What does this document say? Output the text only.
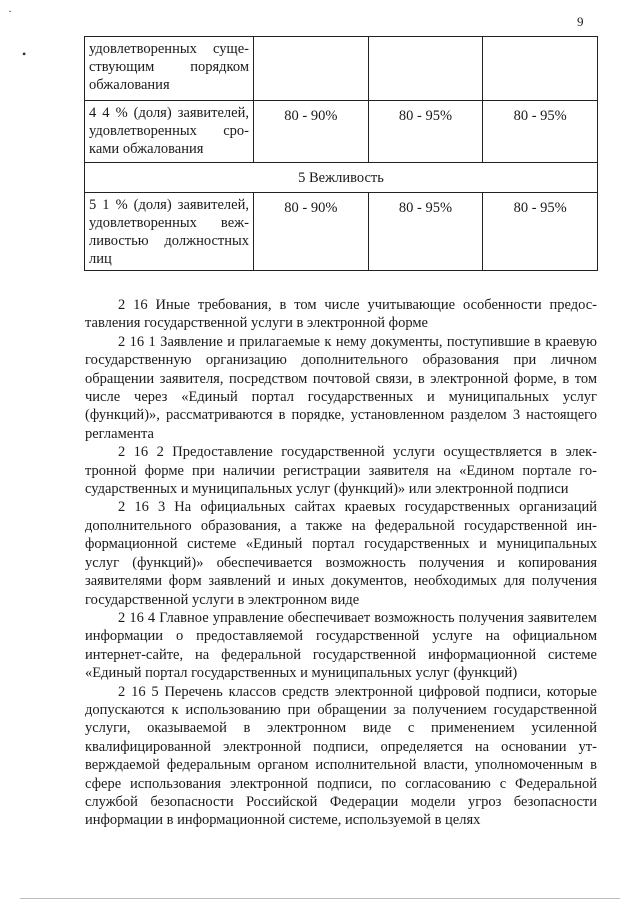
9
·
•	удовлетворенных существующим порядком обжалования			
4 4 % (доля) заявителей, удовлетворенных сроками обжалования	80 - 90%	80 - 95%	80 - 95%
5 Вежливость			
5 1 % (доля) заявителей, удовлетворенных вежливостью должностных лиц	80 - 90%	80 - 95%	80 - 95%

2 16 Иные требования, в том числе учитывающие особенности предоставления государственной услуги в электронной форме

2 16 1 Заявление и прилагаемые к нему документы, поступившие в краевую государственную организацию дополнительного образования при личном обращении заявителя, посредством почтовой связи, в электронной форме, в том числе через «Единый портал государственных и муниципальных услуг (функций)», рассматриваются в порядке, установленном разделом 3 настоящего регламента

2 16 2 Предоставление государственной услуги осуществляется в электронной форме при наличии регистрации заявителя на «Едином портале государственных и муниципальных услуг (функций)» или электронной подписи

2 16 3 На официальных сайтах краевых государственных организаций дополнительного образования, а также на федеральной государственной информационной системе «Единый портал государственных и муниципальных услуг (функций)» обеспечивается возможность получения и копирования заявителями форм заявлений и иных документов, необходимых для получения государственной услуги в электронном виде

2 16 4 Главное управление обеспечивает возможность получения заявителем информации о предоставляемой государственной услуге на официальном интернет-сайте, на федеральной государственной информационной системе «Единый портал государственных и муниципальных услуг (функций)

2 16 5 Перечень классов средств электронной цифровой подписи, которые допускаются к использованию при обращении за получением государственной услуги, оказываемой в электронном виде с применением усиленной квалифицированной электронной подписи, определяется на основании утверждаемой федеральным органом исполнительной власти, уполномоченным в сфере использования электронной подписи, по согласованию с Федеральной службой безопасности Российской Федерации модели угроз безопасности информации в информационной системе, используемой в целях
